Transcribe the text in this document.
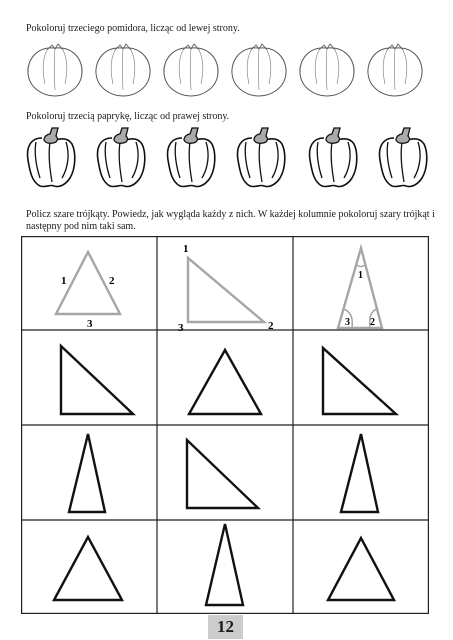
Pokoloruj trzeciego pomidora, licząc od lewej strony.
Pokoloruj trzecią paprykę, licząc od prawej strony.
Policz szare trójkąty. Powiedz, jak wygląda każdy z nich. W każdej kolumnie pokoloruj szary trójkąt i następny pod nim taki sam.
1	2
3
1
2
3
1
2
3
12
